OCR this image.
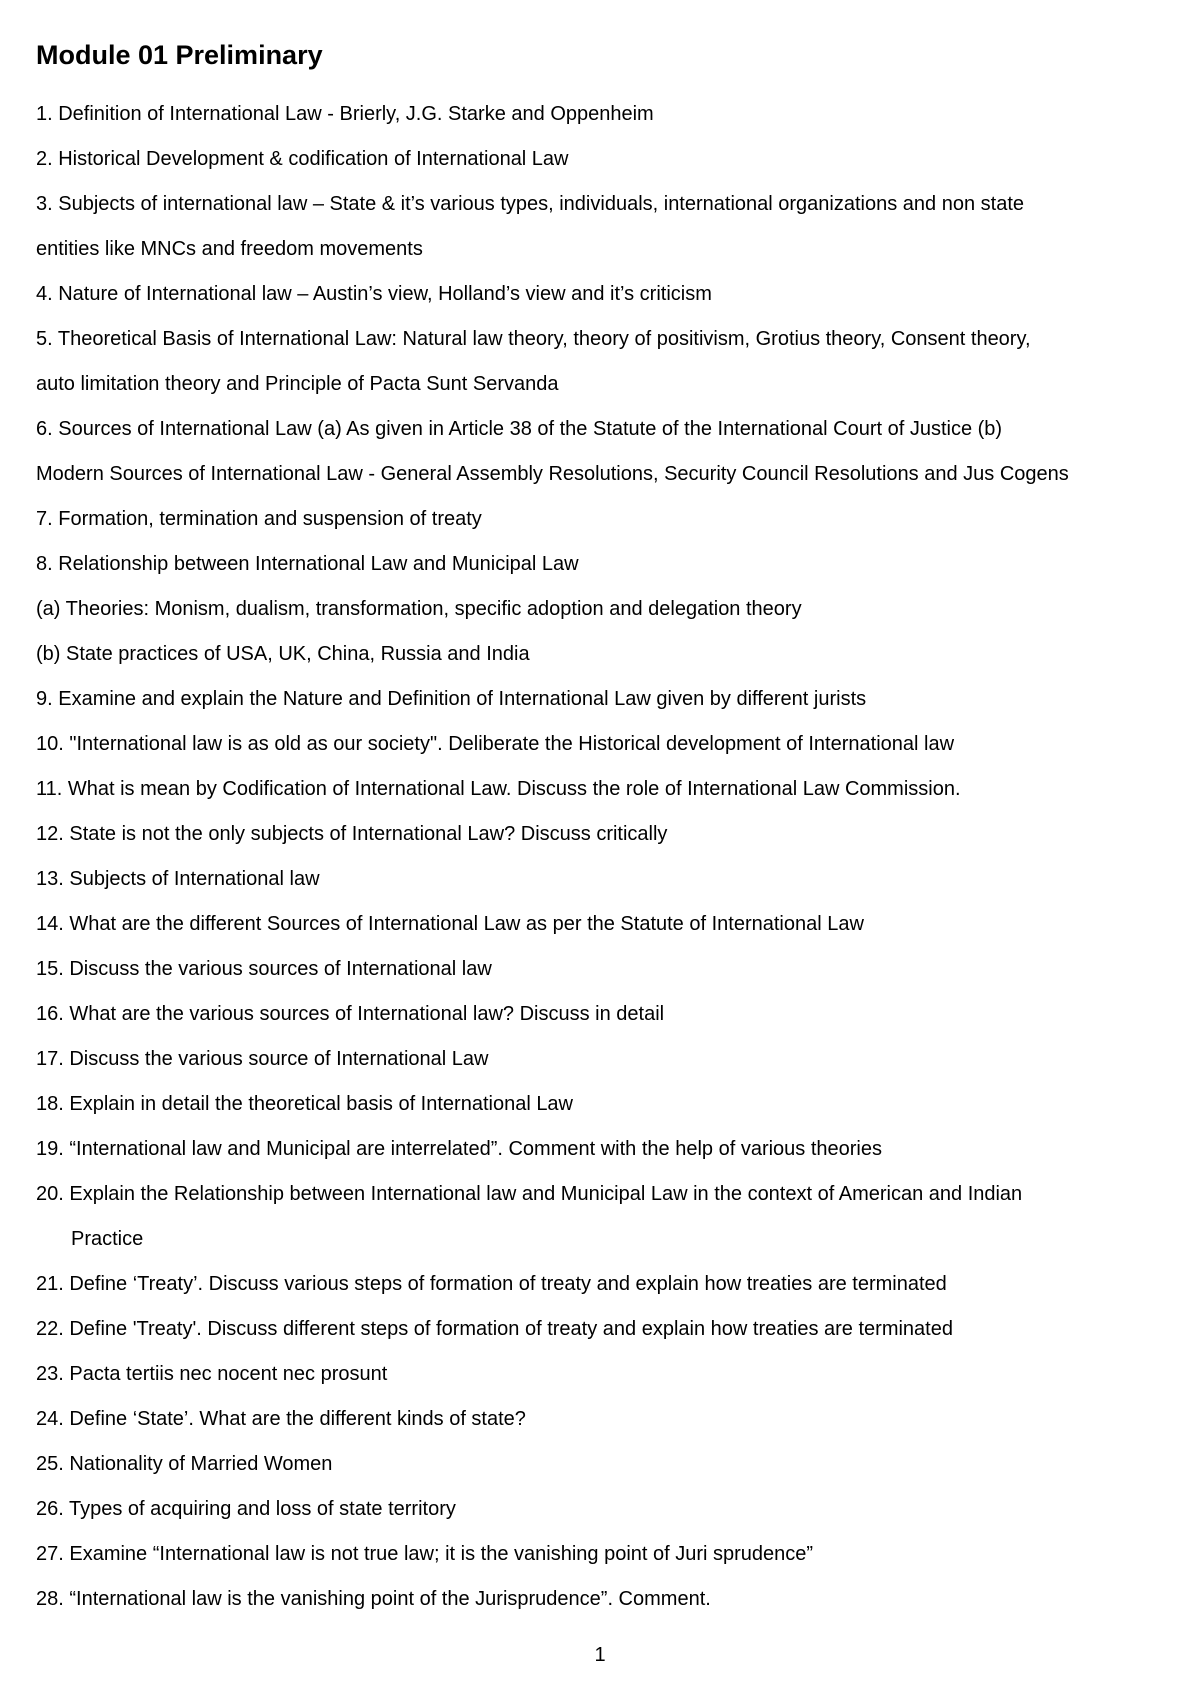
Module 01 Preliminary
1. Definition of International Law - Brierly, J.G. Starke and Oppenheim
2. Historical Development & codification of International Law
3. Subjects of international law – State & it’s various types, individuals, international organizations and non state
entities like MNCs and freedom movements
4. Nature of International law – Austin’s view, Holland’s view and it’s criticism
5. Theoretical Basis of International Law: Natural law theory, theory of positivism, Grotius theory, Consent theory,
auto limitation theory and Principle of Pacta Sunt Servanda
6. Sources of International Law (a) As given in Article 38 of the Statute of the International Court of Justice (b)
Modern Sources of International Law - General Assembly Resolutions, Security Council Resolutions and Jus Cogens
7. Formation, termination and suspension of treaty
8. Relationship between International Law and Municipal Law
(a) Theories: Monism, dualism, transformation, specific adoption and delegation theory
(b) State practices of USA, UK, China, Russia and India
9. Examine and explain the Nature and Definition of International Law given by different jurists
10. "International law is as old as our society". Deliberate the Historical development of International law
11. What is mean by Codification of International Law. Discuss the role of International Law Commission.
12. State is not the only subjects of International Law? Discuss critically
13. Subjects of International law
14. What are the different Sources of International Law as per the Statute of International Law
15. Discuss the various sources of International law
16. What are the various sources of International law? Discuss in detail
17. Discuss the various source of International Law
18. Explain in detail the theoretical basis of International Law
19. “International law and Municipal are interrelated”. Comment with the help of various theories
20. Explain the Relationship between International law and Municipal Law in the context of American and Indian
Practice
21. Define ‘Treaty’. Discuss various steps of formation of treaty and explain how treaties are terminated
22. Define 'Treaty'. Discuss different steps of formation of treaty and explain how treaties are terminated
23. Pacta tertiis nec nocent nec prosunt
24. Define ‘State’. What are the different kinds of state?
25. Nationality of Married Women
26. Types of acquiring and loss of state territory
27. Examine “International law is not true law; it is the vanishing point of Juri sprudence”
28. “International law is the vanishing point of the Jurisprudence”. Comment.
1
